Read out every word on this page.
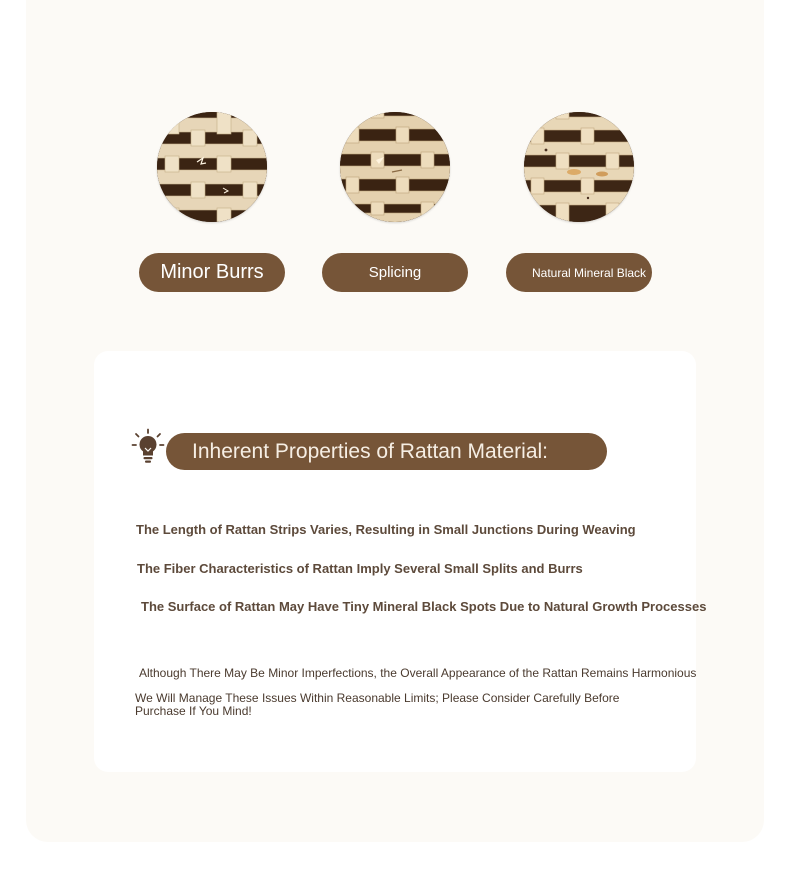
Minor Burrs	Splicing	Natural Mineral Black
Inherent Properties of Rattan Material:
The Length of Rattan Strips Varies, Resulting in Small Junctions During Weaving
The Fiber Characteristics of Rattan Imply Several Small Splits and Burrs
The Surface of Rattan May Have Tiny Mineral Black Spots Due to Natural Growth Processes
Although There May Be Minor Imperfections, the Overall Appearance of the Rattan Remains Harmonious
We Will Manage These Issues Within Reasonable Limits; Please Consider Carefully Before Purchase If You Mind!
